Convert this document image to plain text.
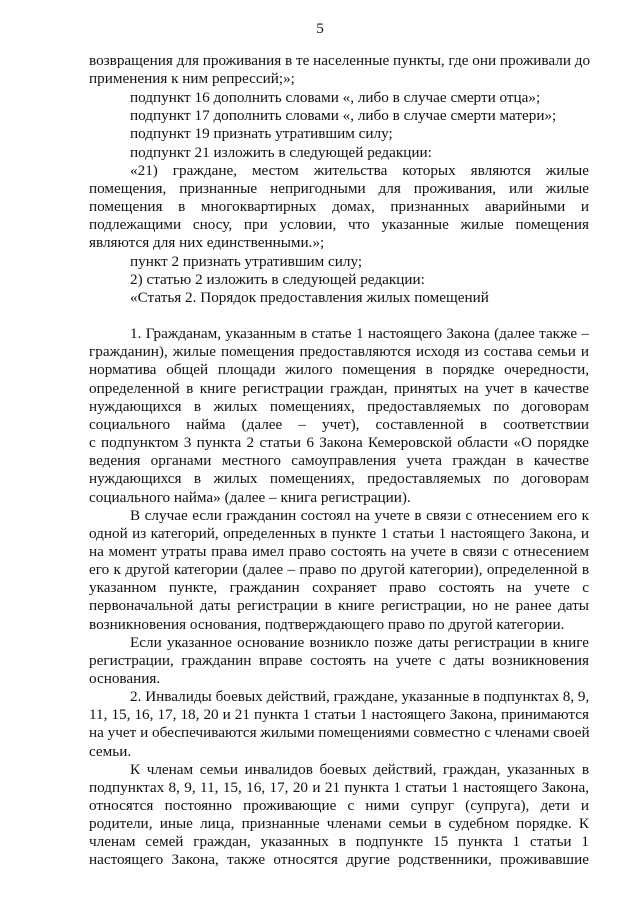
5
возвращения для проживания в те населенные пункты, где они проживали до
применения к ним репрессий;»;
подпункт 16 дополнить словами «, либо в случае смерти отца»;
подпункт 17 дополнить словами «, либо в случае смерти матери»;
подпункт 19 признать утратившим силу;
подпункт 21 изложить в следующей редакции:
«21) граждане, местом жительства которых являются жилые
помещения, признанные непригодными для проживания, или жилые
помещения в многоквартирных домах, признанных аварийными и
подлежащими сносу, при условии, что указанные жилые помещения
являются для них единственными.»;
пункт 2 признать утратившим силу;
2) статью 2 изложить в следующей редакции:
«Статья 2. Порядок предоставления жилых помещений
1. Гражданам, указанным в статье 1 настоящего Закона (далее также –
гражданин), жилые помещения предоставляются исходя из состава семьи и
норматива общей площади жилого помещения в порядке очередности,
определенной в книге регистрации граждан, принятых на учет в качестве
нуждающихся в жилых помещениях, предоставляемых по договорам
социального найма (далее – учет), составленной в соответствии
с подпунктом 3 пункта 2 статьи 6 Закона Кемеровской области «О порядке
ведения органами местного самоуправления учета граждан в качестве
нуждающихся в жилых помещениях, предоставляемых по договорам
социального найма» (далее – книга регистрации).
В случае если гражданин состоял на учете в связи с отнесением его к
одной из категорий, определенных в пункте 1 статьи 1 настоящего Закона, и
на момент утраты права имел право состоять на учете в связи с отнесением
его к другой категории (далее – право по другой категории), определенной в
указанном пункте, гражданин сохраняет право состоять на учете с
первоначальной даты регистрации в книге регистрации, но не ранее даты
возникновения основания, подтверждающего право по другой категории.
Если указанное основание возникло позже даты регистрации в книге
регистрации, гражданин вправе состоять на учете с даты возникновения
основания.
2. Инвалиды боевых действий, граждане, указанные в подпунктах 8, 9,
11, 15, 16, 17, 18, 20 и 21 пункта 1 статьи 1 настоящего Закона, принимаются
на учет и обеспечиваются жилыми помещениями совместно с членами своей
семьи.
К членам семьи инвалидов боевых действий, граждан, указанных в
подпунктах 8, 9, 11, 15, 16, 17, 20 и 21 пункта 1 статьи 1 настоящего Закона,
относятся постоянно проживающие с ними супруг (супруга), дети и
родители, иные лица, признанные членами семьи в судебном порядке. К
членам семей граждан, указанных в подпункте 15 пункта 1 статьи 1
настоящего Закона, также относятся другие родственники, проживавшие
